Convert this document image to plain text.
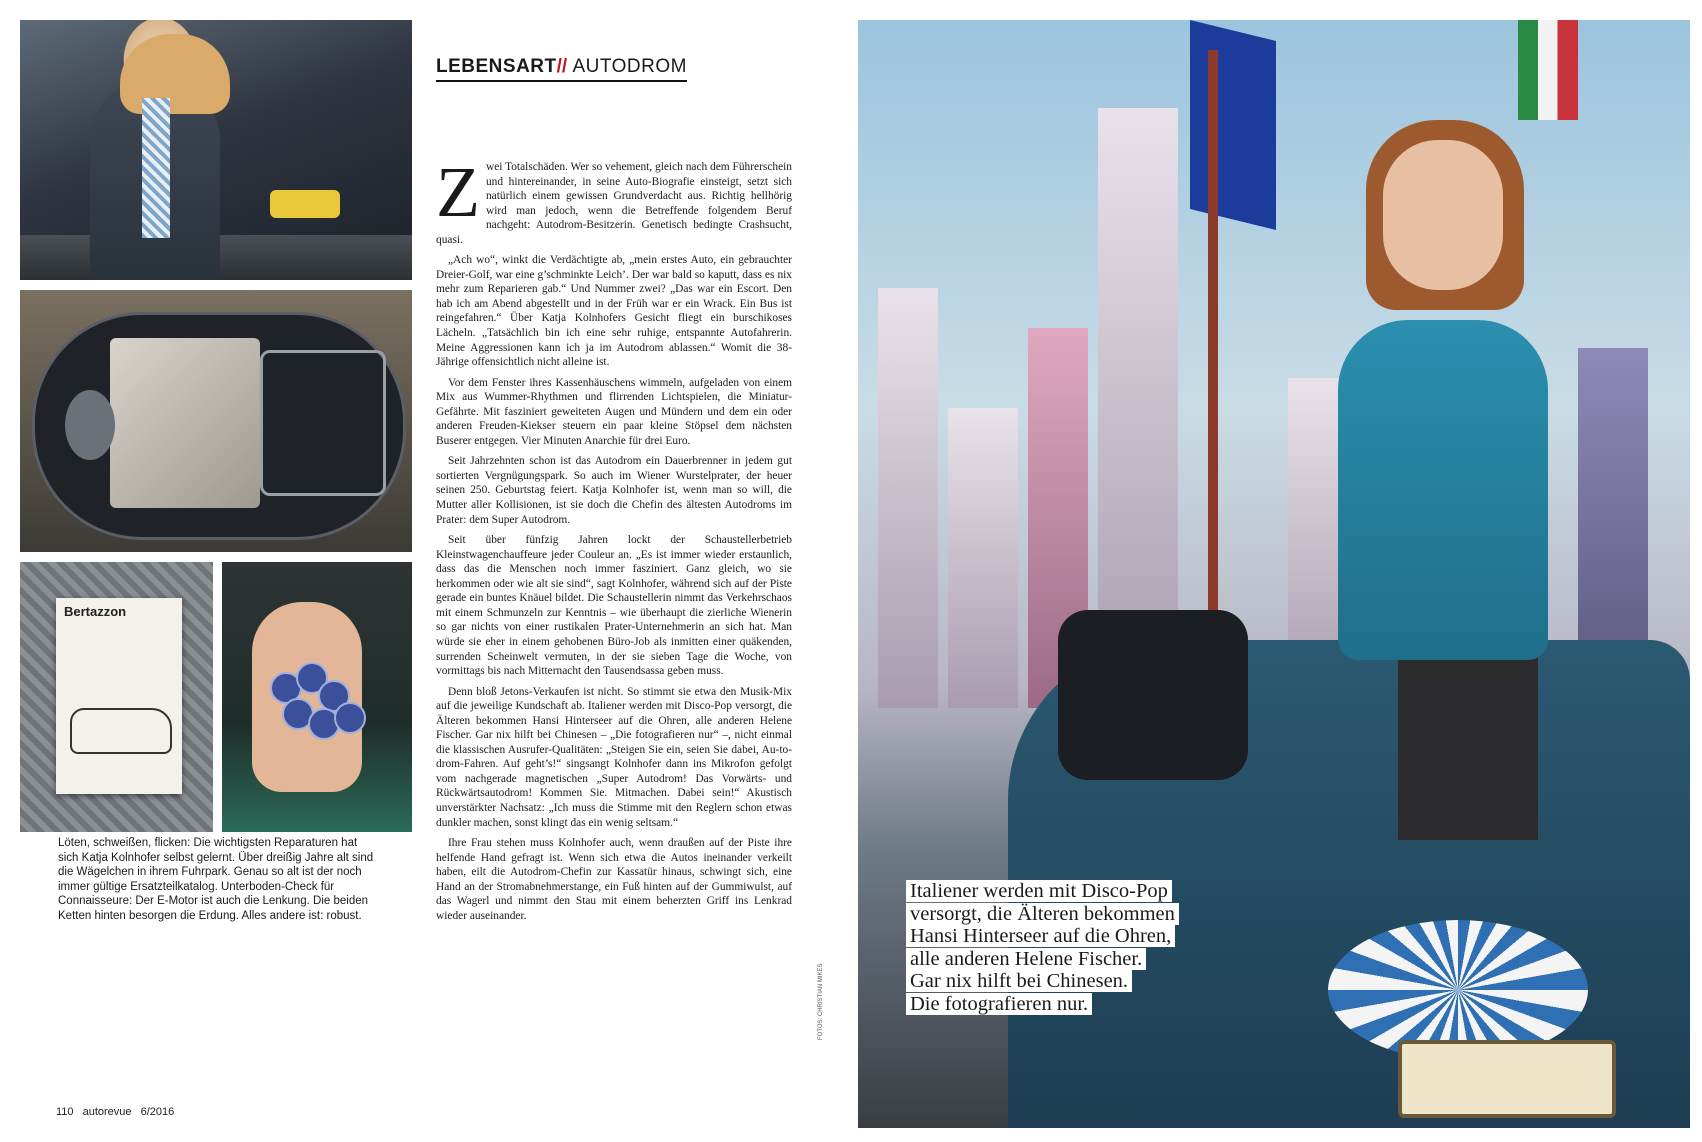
Bertazzon
Löten, schweißen, flicken: Die wichtigsten Reparaturen hat sich Katja Kolnhofer selbst gelernt. Über dreißig Jahre alt sind die Wägelchen in ihrem Fuhrpark. Genau so alt ist der noch immer gültige Ersatzteilkatalog. Unterboden-Check für Connaisseure: Der E-Motor ist auch die Lenkung. Die beiden Ketten hinten besorgen die Erdung. Alles andere ist: robust.
LEBENSART// AUTODROM

Zwei Totalschäden. Wer so vehement, gleich nach dem Führerschein und hintereinander, in seine Auto-Biografie einsteigt, setzt sich natürlich einem gewissen Grundverdacht aus. Richtig hellhörig wird man jedoch, wenn die Betreffende folgendem Beruf nachgeht: Autodrom-Besitzerin. Genetisch bedingte Crashsucht, quasi.

„Ach wo“, winkt die Verdächtigte ab, „mein erstes Auto, ein gebrauchter Dreier-Golf, war eine g’schminkte Leich’. Der war bald so kaputt, dass es nix mehr zum Reparieren gab.“ Und Nummer zwei? „Das war ein Escort. Den hab ich am Abend abgestellt und in der Früh war er ein Wrack. Ein Bus ist reingefahren.“ Über Katja Kolnhofers Gesicht fliegt ein burschikoses Lächeln. „Tatsächlich bin ich eine sehr ruhige, entspannte Autofahrerin. Meine Aggressionen kann ich ja im Autodrom ablassen.“ Womit die 38-Jährige offensichtlich nicht alleine ist.

Vor dem Fenster ihres Kassenhäuschens wimmeln, aufgeladen von einem Mix aus Wummer-Rhythmen und flirrenden Lichtspielen, die Miniatur-Gefährte. Mit fasziniert geweiteten Augen und Mündern und dem ein oder anderen Freuden-Kiekser steuern ein paar kleine Stöpsel dem nächsten Buserer entgegen. Vier Minuten Anarchie für drei Euro.

Seit Jahrzehnten schon ist das Autodrom ein Dauerbrenner in jedem gut sortierten Vergnügungspark. So auch im Wiener Wurstelprater, der heuer seinen 250. Geburtstag feiert. Katja Kolnhofer ist, wenn man so will, die Mutter aller Kollisionen, ist sie doch die Chefin des ältesten Autodroms im Prater: dem Super Autodrom.

Seit über fünfzig Jahren lockt der Schaustellerbetrieb Kleinstwagenchauffeure jeder Couleur an. „Es ist immer wieder erstaunlich, dass das die Menschen noch immer fasziniert. Ganz gleich, wo sie herkommen oder wie alt sie sind“, sagt Kolnhofer, während sich auf der Piste gerade ein buntes Knäuel bildet. Die Schaustellerin nimmt das Verkehrschaos mit einem Schmunzeln zur Kenntnis – wie überhaupt die zierliche Wienerin so gar nichts von einer rustikalen Prater-Unternehmerin an sich hat. Man würde sie eher in einem gehobenen Büro-Job als inmitten einer quäkenden, surrenden Scheinwelt vermuten, in der sie sieben Tage die Woche, von vormittags bis nach Mitternacht den Tausendsassa geben muss.

Denn bloß Jetons-Verkaufen ist nicht. So stimmt sie etwa den Musik-Mix auf die jeweilige Kundschaft ab. Italiener werden mit Disco-Pop versorgt, die Älteren bekommen Hansi Hinterseer auf die Ohren, alle anderen Helene Fischer. Gar nix hilft bei Chinesen – „Die fotografieren nur“ –, nicht einmal die klassischen Ausrufer-Qualitäten: „Steigen Sie ein, seien Sie dabei, Au-to-drom-Fahren. Auf geht’s!“ singsangt Kolnhofer dann ins Mikrofon gefolgt vom nachgerade magnetischen „Super Autodrom! Das Vorwärts- und Rückwärtsautodrom! Kommen Sie. Mitmachen. Dabei sein!“ Akustisch unverstärkter Nachsatz: „Ich muss die Stimme mit den Reglern schon etwas dunkler machen, sonst klingt das ein wenig seltsam.“

Ihre Frau stehen muss Kolnhofer auch, wenn draußen auf der Piste ihre helfende Hand gefragt ist. Wenn sich etwa die Autos ineinander verkeilt haben, eilt die Autodrom-Chefin zur Kassatür hinaus, schwingt sich, eine Hand an der Stromabnehmerstange, ein Fuß hinten auf der Gummiwulst, auf das Wagerl und nimmt den Stau mit einem beherzten Griff ins Lenkrad wieder auseinander.

FOTOS: CHRISTIAN MIKES
110 autorevue 6/2016
Italiener werden mit Disco-Pop
versorgt, die Älteren bekommen
Hansi Hinterseer auf die Ohren,
alle anderen Helene Fischer.
Gar nix hilft bei Chinesen.
Die fotografieren nur.
